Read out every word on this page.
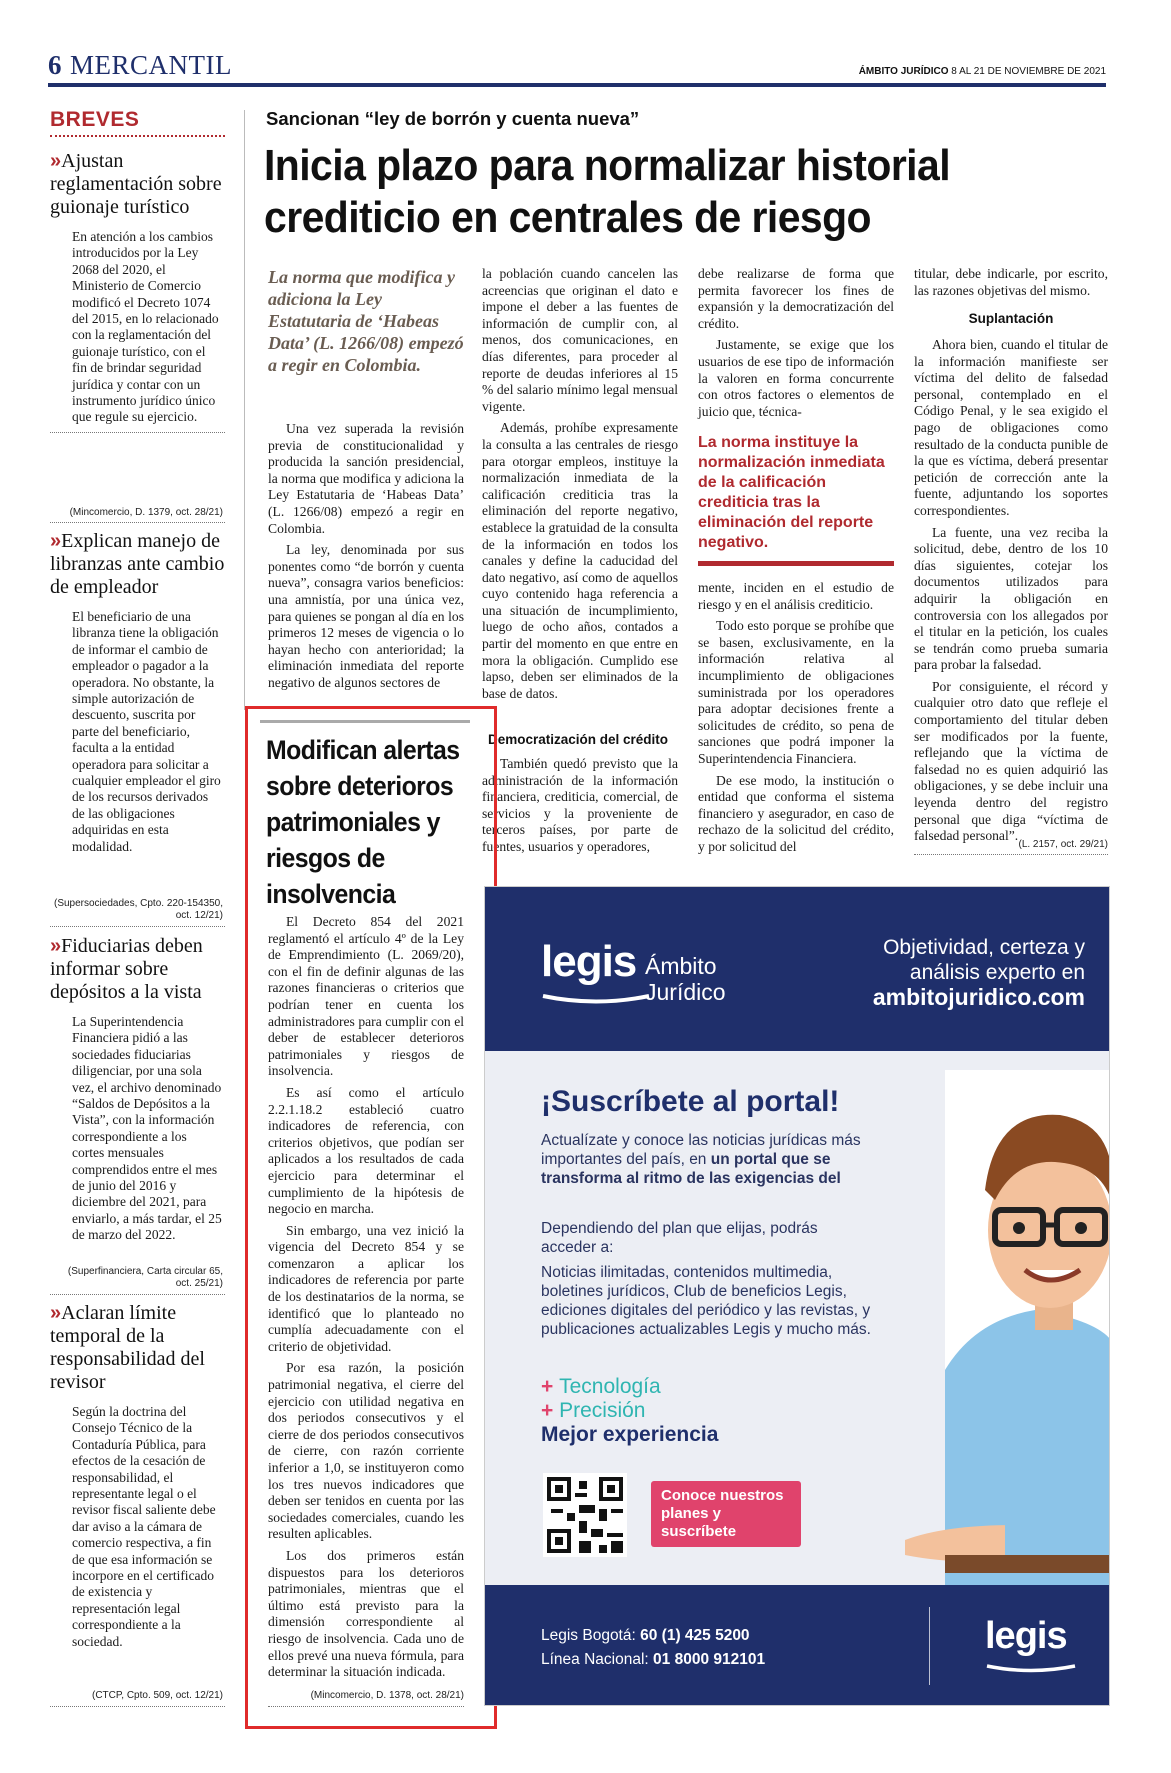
6 MERCANTIL	ÁMBITO JURÍDICO 8 AL 21 DE NOVIEMBRE DE 2021
BREVES
»Ajustan reglamentación sobre guionaje turístico
En atención a los cambios introducidos por la Ley 2068 del 2020, el Ministerio de Comercio modificó el Decreto 1074 del 2015, en lo relacionado con la reglamentación del guionaje turístico, con el fin de brindar seguridad jurídica y contar con un instrumento jurídico único que regule su ejercicio.
(Mincomercio, D. 1379, oct. 28/21)
»Explican manejo de libranzas ante cambio de empleador
El beneficiario de una libranza tiene la obligación de informar el cambio de empleador o pagador a la operadora. No obstante, la simple autorización de descuento, suscrita por parte del beneficiario, faculta a la entidad operadora para solicitar a cualquier empleador el giro de los recursos derivados de las obligaciones adquiridas en esta modalidad.
(Supersociedades, Cpto. 220-154350, oct. 12/21)
»Fiduciarias deben informar sobre depósitos a la vista
La Superintendencia Financiera pidió a las sociedades fiduciarias diligenciar, por una sola vez, el archivo denominado “Saldos de Depósitos a la Vista”, con la información correspondiente a los cortes mensuales comprendidos entre el mes de junio del 2016 y diciembre del 2021, para enviarlo, a más tardar, el 25 de marzo del 2022.
(Superfinanciera, Carta circular 65, oct. 25/21)
»Aclaran límite temporal de la responsabilidad del revisor
Según la doctrina del Consejo Técnico de la Contaduría Pública, para efectos de la cesación de responsabilidad, el representante legal o el revisor fiscal saliente debe dar aviso a la cámara de comercio respectiva, a fin de que esa información se incorpore en el certificado de existencia y representación legal correspondiente a la sociedad.
(CTCP, Cpto. 509, oct. 12/21)
Sancionan “ley de borrón y cuenta nueva”
Inicia plazo para normalizar historial crediticio en centrales de riesgo
La norma que modifica y adiciona la Ley Estatutaria de ‘Habeas Data’ (L. 1266/08) empezó a regir en Colombia.

Una vez superada la revisión previa de constitucionalidad y producida la sanción presidencial, la norma que modifica y adiciona la Ley Estatutaria de ‘Habeas Data’ (L. 1266/08) empezó a regir en Colombia.

La ley, denominada por sus ponentes como “de borrón y cuenta nueva”, consagra varios beneficios: una amnistía, por una única vez, para quienes se pongan al día en los primeros 12 meses de vigencia o lo hayan hecho con anterioridad; la eliminación inmediata del reporte negativo de algunos sectores de

la población cuando cancelen las acreencias que originan el dato e impone el deber a las fuentes de información de cumplir con, al menos, dos comunicaciones, en días diferentes, para proceder al reporte de deudas inferiores al 15 % del salario mínimo legal mensual vigente.

Además, prohíbe expresamente la consulta a las centrales de riesgo para otorgar empleos, instituye la normalización inmediata de la calificación crediticia tras la eliminación del reporte negativo, establece la gratuidad de la consulta de la información en todos los canales y define la caducidad del dato negativo, así como de aquellos cuyo contenido haga referencia a una situación de incumplimiento, luego de ocho años, contados a partir del momento en que entre en mora la obligación. Cumplido ese lapso, deben ser eliminados de la base de datos.

Democratización del crédito
También quedó previsto que la administración de la información financiera, crediticia, comercial, de servicios y la proveniente de terceros países, por parte de fuentes, usuarios y operadores,

debe realizarse de forma que permita favorecer los fines de expansión y la democratización del crédito.

Justamente, se exige que los usuarios de ese tipo de información la valoren en forma concurrente con otros factores o elementos de juicio que, técnica-

La norma instituye la normalización inmediata de la calificación crediticia tras la eliminación del reporte negativo.

mente, inciden en el estudio de riesgo y en el análisis crediticio.

Todo esto porque se prohíbe que se basen, exclusivamente, en la información relativa al incumplimiento de obligaciones suministrada por los operadores para adoptar decisiones frente a solicitudes de crédito, so pena de sanciones que podrá imponer la Superintendencia Financiera.

De ese modo, la institución o entidad que conforma el sistema financiero y asegurador, en caso de rechazo de la solicitud del crédito, y por solicitud del

titular, debe indicarle, por escrito, las razones objetivas del mismo.
Suplantación

Ahora bien, cuando el titular de la información manifieste ser víctima del delito de falsedad personal, contemplado en el Código Penal, y le sea exigido el pago de obligaciones como resultado de la conducta punible de la que es víctima, deberá presentar petición de corrección ante la fuente, adjuntando los soportes correspondientes.

La fuente, una vez reciba la solicitud, debe, dentro de los 10 días siguientes, cotejar los documentos utilizados para adquirir la obligación en controversia con los allegados por el titular en la petición, los cuales se tendrán como prueba sumaria para probar la falsedad.

Por consiguiente, el récord y cualquier otro dato que refleje el comportamiento del titular deben ser modificados por la fuente, reflejando que la víctima de falsedad no es quien adquirió las obligaciones, y se debe incluir una leyenda dentro del registro personal que diga “víctima de falsedad personal”.

(L. 2157, oct. 29/21)
Modifican alertas sobre deterioros patrimoniales y riesgos de insolvencia

El Decreto 854 del 2021 reglamentó el artículo 4º de la Ley de Emprendimiento (L. 2069/20), con el fin de definir algunas de las razones financieras o criterios que podrían tener en cuenta los administradores para cumplir con el deber de establecer deterioros patrimoniales y riesgos de insolvencia.

Es así como el artículo 2.2.1.18.2 estableció cuatro indicadores de referencia, con criterios objetivos, que podían ser aplicados a los resultados de cada ejercicio para determinar el cumplimiento de la hipótesis de negocio en marcha.

Sin embargo, una vez inició la vigencia del Decreto 854 y se comenzaron a aplicar los indicadores de referencia por parte de los destinatarios de la norma, se identificó que lo planteado no cumplía adecuadamente con el criterio de objetividad.

Por esa razón, la posición patrimonial negativa, el cierre del ejercicio con utilidad negativa en dos periodos consecutivos y el cierre de dos periodos consecutivos de cierre, con razón corriente inferior a 1,0, se instituyeron como los tres nuevos indicadores que deben ser tenidos en cuenta por las sociedades comerciales, cuando les resulten aplicables.

Los dos primeros están dispuestos para los deterioros patrimoniales, mientras que el último está previsto para la dimensión correspondiente al riesgo de insolvencia. Cada uno de ellos prevé una nueva fórmula, para determinar la situación indicada.

(Mincomercio, D. 1378, oct. 28/21)
legis Ámbito
Jurídico
Objetividad, certeza y
análisis experto en
ambitojuridico.com
¡Suscríbete al portal!
Actualízate y conoce las noticias jurídicas más importantes del país, en un portal que se transforma al ritmo de las exigencias del
Dependiendo del plan que elijas, podrás acceder a:
Noticias ilimitadas, contenidos multimedia, boletines jurídicos, Club de beneficios Legis, ediciones digitales del periódico y las revistas, y publicaciones actualizables Legis y mucho más.
+ Tecnología
+ Precisión
Mejor experiencia
Conoce nuestros planes y suscríbete
Legis Bogotá: 60 (1) 425 5200
Línea Nacional: 01 8000 912101
legis
